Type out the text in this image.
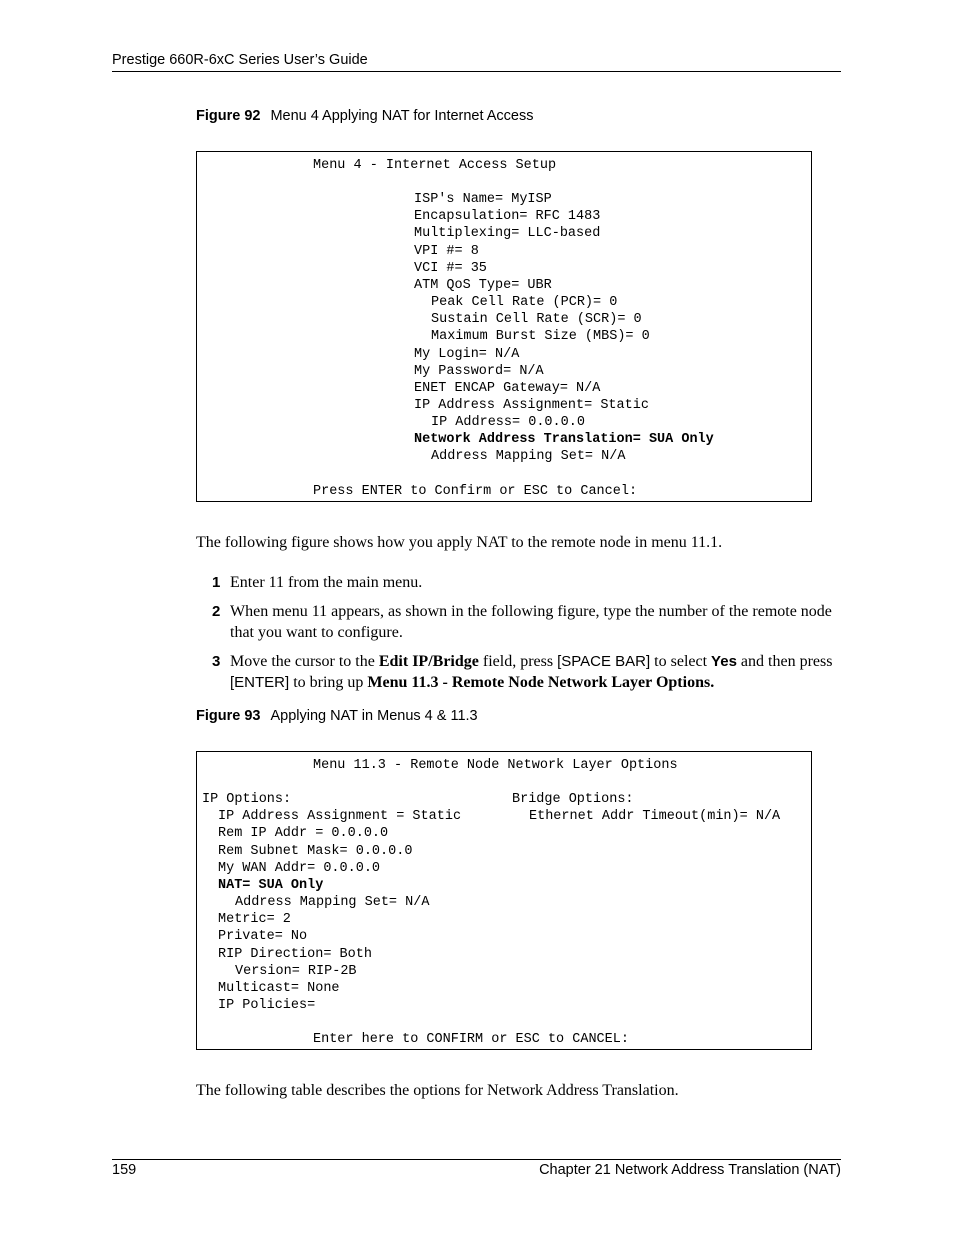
Prestige 660R-6xC Series User’s Guide
Figure 92 Menu 4 Applying NAT for Internet Access
Menu 4 - Internet Access Setup
ISP's Name= MyISP
Encapsulation= RFC 1483
Multiplexing= LLC-based
VPI #= 8
VCI #= 35
ATM QoS Type= UBR
Peak Cell Rate (PCR)= 0
Sustain Cell Rate (SCR)= 0
Maximum Burst Size (MBS)= 0
My Login= N/A
My Password= N/A
ENET ENCAP Gateway= N/A
IP Address Assignment= Static
IP Address= 0.0.0.0
Network Address Translation= SUA Only
Address Mapping Set= N/A
Press ENTER to Confirm or ESC to Cancel:
The following figure shows how you apply NAT to the remote node in menu 11.1.
1 Enter 11 from the main menu.
2 When menu 11 appears, as shown in the following figure, type the number of the remote node that you want to configure.
3 Move the cursor to the Edit IP/Bridge field, press [SPACE BAR] to select Yes and then press [ENTER] to bring up Menu 11.3 - Remote Node Network Layer Options.
Figure 93 Applying NAT in Menus 4 & 11.3
Menu 11.3 - Remote Node Network Layer Options
IP Options:	Bridge Options:
IP Address Assignment = Static	Ethernet Addr Timeout(min)= N/A
Rem IP Addr = 0.0.0.0
Rem Subnet Mask= 0.0.0.0
My WAN Addr= 0.0.0.0
NAT= SUA Only
Address Mapping Set= N/A
Metric= 2
Private= No
RIP Direction= Both
Version= RIP-2B
Multicast= None
IP Policies=
Enter here to CONFIRM or ESC to CANCEL:
The following table describes the options for Network Address Translation.
159	Chapter 21 Network Address Translation (NAT)
